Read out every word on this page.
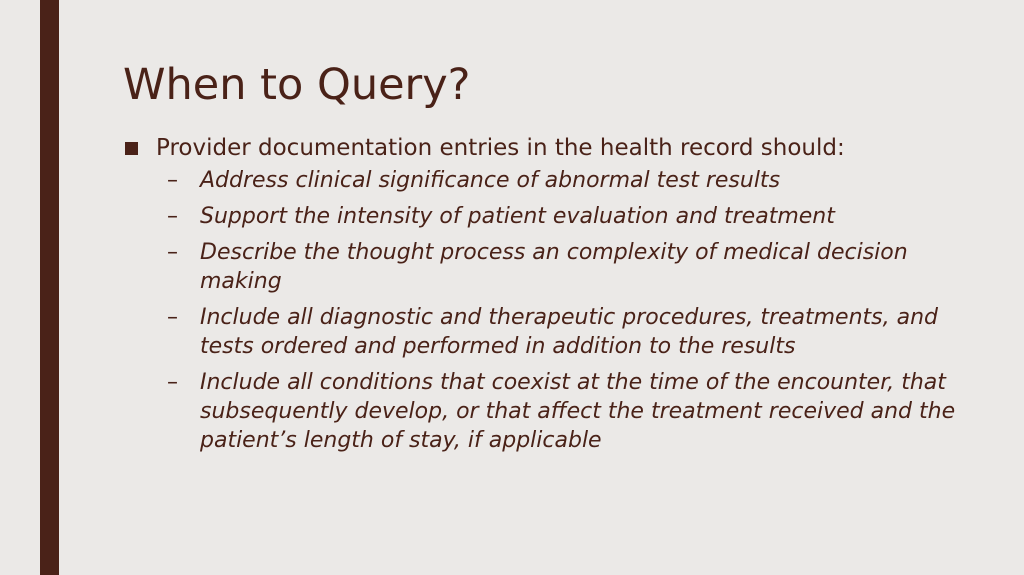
When to Query?
Provider documentation entries in the health record should:
– Address clinical significance of abnormal test results
– Support the intensity of patient evaluation and treatment
– Describe the thought process an complexity of medical decision making
– Include all diagnostic and therapeutic procedures, treatments, and tests ordered and performed in addition to the results
– Include all conditions that coexist at the time of the encounter, that subsequently develop, or that affect the treatment received and the patient’s length of stay, if applicable
